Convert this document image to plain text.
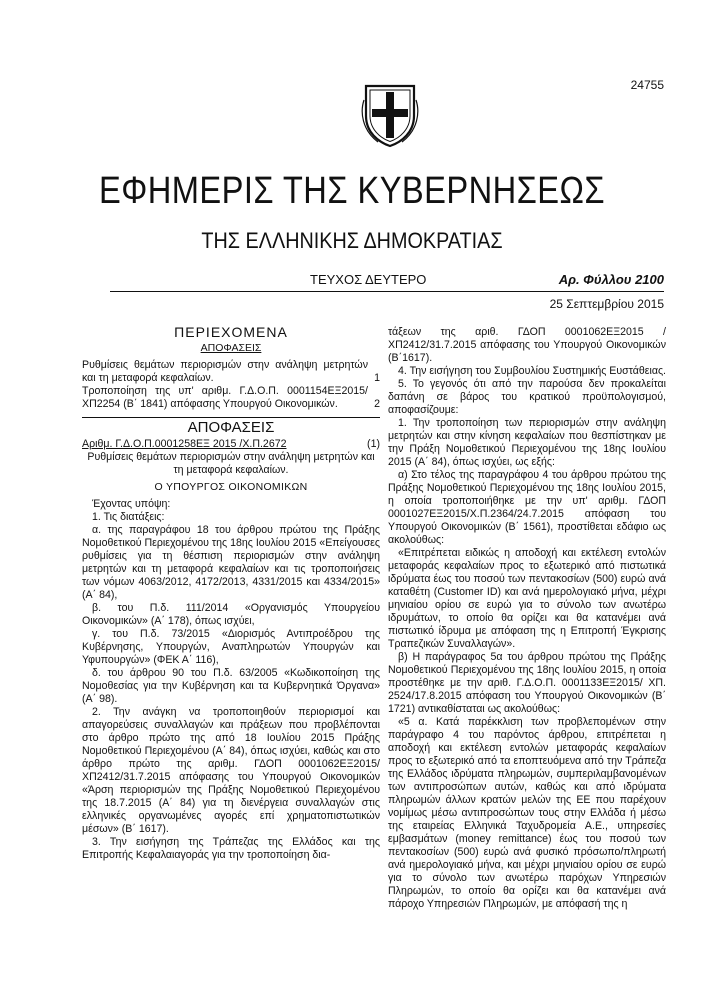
24755
ΕΦΗΜΕΡΙΣ ΤΗΣ ΚΥΒΕΡΝΗΣΕΩΣ
ΤΗΣ ΕΛΛΗΝΙΚΗΣ ΔΗΜΟΚΡΑΤΙΑΣ
ΤΕΥΧΟΣ ΔΕΥΤΕΡΟ	Αρ. Φύλλου 2100
25 Σεπτεμβρίου 2015
ΠΕΡΙΕΧΟΜΕΝΑ
ΑΠΟΦΑΣΕΙΣ
Ρυθμίσεις θεμάτων περιορισμών στην ανάληψη μετρητών και τη μεταφορά κεφαλαίων.	1
Τροποποίηση της υπ' αριθμ. Γ.Δ.Ο.Π. 0001154ΕΞ2015/ ΧΠ2254 (Β΄ 1841) απόφασης Υπουργού Οικονομικών.	2
ΑΠΟΦΑΣΕΙΣ
Αριθμ. Γ.Δ.Ο.Π.0001258ΕΞ 2015 /Χ.Π.2672	(1)

Ρυθμίσεις θεμάτων περιορισμών στην ανάληψη μετρητών και τη μεταφορά κεφαλαίων.

Ο ΥΠΟΥΡΓΟΣ ΟΙΚΟΝΟΜΙΚΩΝ

Έχοντας υπόψη:

1. Τις διατάξεις:

α. της παραγράφου 18 του άρθρου πρώτου της Πράξης Νομοθετικού Περιεχομένου της 18ης Ιουλίου 2015 «Επείγουσες ρυθμίσεις για τη θέσπιση περιορισμών στην ανάληψη μετρητών και τη μεταφορά κεφαλαίων και τις τροποποιήσεις των νόμων 4063/2012, 4172/2013, 4331/2015 και 4334/2015» (Α΄ 84),

β. του Π.δ. 111/2014 «Οργανισμός Υπουργείου Οικονομικών» (Α΄ 178), όπως ισχύει,

γ. του Π.δ. 73/2015 «Διορισμός Αντιπροέδρου της Κυβέρνησης, Υπουργών, Αναπληρωτών Υπουργών και Υφυπουργών» (ΦΕΚ Α΄ 116),

δ. του άρθρου 90 του Π.δ. 63/2005 «Κωδικοποίηση της Νομοθεσίας για την Κυβέρνηση και τα Κυβερνητικά Όργανα» (Α΄ 98).

2. Την ανάγκη να τροποποιηθούν περιορισμοί και απαγορεύσεις συναλλαγών και πράξεων που προβλέπονται στο άρθρο πρώτο της από 18 Ιουλίου 2015 Πράξης Νομοθετικού Περιεχομένου (Α΄ 84), όπως ισχύει, καθώς και στο άρθρο πρώτο της αριθμ. ΓΔΟΠ 0001062ΕΞ2015/ ΧΠ2412/31.7.2015 απόφασης του Υπουργού Οικονομικών «Άρση περιορισμών της Πράξης Νομοθετικού Περιεχομένου της 18.7.2015 (Α΄ 84) για τη διενέργεια συναλλαγών στις ελληνικές οργανωμένες αγορές επί χρηματοπιστωτικών μέσων» (Β΄ 1617).

3. Την εισήγηση της Τράπεζας της Ελλάδος και της Επιτροπής Κεφαλαιαγοράς για την τροποποίηση δια-

τάξεων της αριθ. ΓΔΟΠ 0001062ΕΞ2015 /ΧΠ2412/31.7.2015 απόφασης του Υπουργού Οικονομικών (Β΄1617).

4. Την εισήγηση του Συμβουλίου Συστημικής Ευστάθειας.

5. Το γεγονός ότι από την παρούσα δεν προκαλείται δαπάνη σε βάρος του κρατικού προϋπολογισμού, αποφασίζουμε:

1. Την τροποποίηση των περιορισμών στην ανάληψη μετρητών και στην κίνηση κεφαλαίων που θεσπίστηκαν με την Πράξη Νομοθετικού Περιεχομένου της 18ης Ιουλίου 2015 (Α΄ 84), όπως ισχύει, ως εξής:

α) Στο τέλος της παραγράφου 4 του άρθρου πρώτου της Πράξης Νομοθετικού Περιεχομένου της 18ης Ιουλίου 2015, η οποία τροποποιήθηκε με την υπ' αριθμ. ΓΔΟΠ 0001027ΕΞ2015/Χ.Π.2364/24.7.2015 απόφαση του Υπουργού Οικονομικών (Β΄ 1561), προστίθεται εδάφιο ως ακολούθως:

«Επιτρέπεται ειδικώς η αποδοχή και εκτέλεση εντολών μεταφοράς κεφαλαίων προς το εξωτερικό από πιστωτικά ιδρύματα έως του ποσού των πεντακοσίων (500) ευρώ ανά καταθέτη (Customer ID) και ανά ημερολογιακό μήνα, μέχρι μηνιαίου ορίου σε ευρώ για το σύνολο των ανωτέρω ιδρυμάτων, το οποίο θα ορίζει και θα κατανέμει ανά πιστωτικό ίδρυμα με απόφαση της η Επιτροπή Έγκρισης Τραπεζικών Συναλλαγών».

β) Η παράγραφος 5α του άρθρου πρώτου της Πράξης Νομοθετικού Περιεχομένου της 18ης Ιουλίου 2015, η οποία προστέθηκε με την αριθ. Γ.Δ.Ο.Π. 0001133ΕΞ2015/ ΧΠ. 2524/17.8.2015 απόφαση του Υπουργού Οικονομικών (Β΄ 1721) αντικαθίσταται ως ακολούθως:

«5 α. Κατά παρέκκλιση των προβλεπομένων στην παράγραφο 4 του παρόντος άρθρου, επιτρέπεται η αποδοχή και εκτέλεση εντολών μεταφοράς κεφαλαίων προς το εξωτερικό από τα εποπτευόμενα από την Τράπεζα της Ελλάδος ιδρύματα πληρωμών, συμπεριλαμβανομένων των αντιπροσώπων αυτών, καθώς και από ιδρύματα πληρωμών άλλων κρατών μελών της ΕΕ που παρέχουν νομίμως μέσω αντιπροσώπων τους στην Ελλάδα ή μέσω της εταιρείας Ελληνικά Ταχυδρομεία Α.Ε., υπηρεσίες εμβασμάτων (money remittance) έως του ποσού των πεντακοσίων (500) ευρώ ανά φυσικό πρόσωπο/πληρωτή ανά ημερολογιακό μήνα, και μέχρι μηνιαίου ορίου σε ευρώ για το σύνολο των ανωτέρω παρόχων Υπηρεσιών Πληρωμών, το οποίο θα ορίζει και θα κατανέμει ανά πάροχο Υπηρεσιών Πληρωμών, με απόφασή της η
